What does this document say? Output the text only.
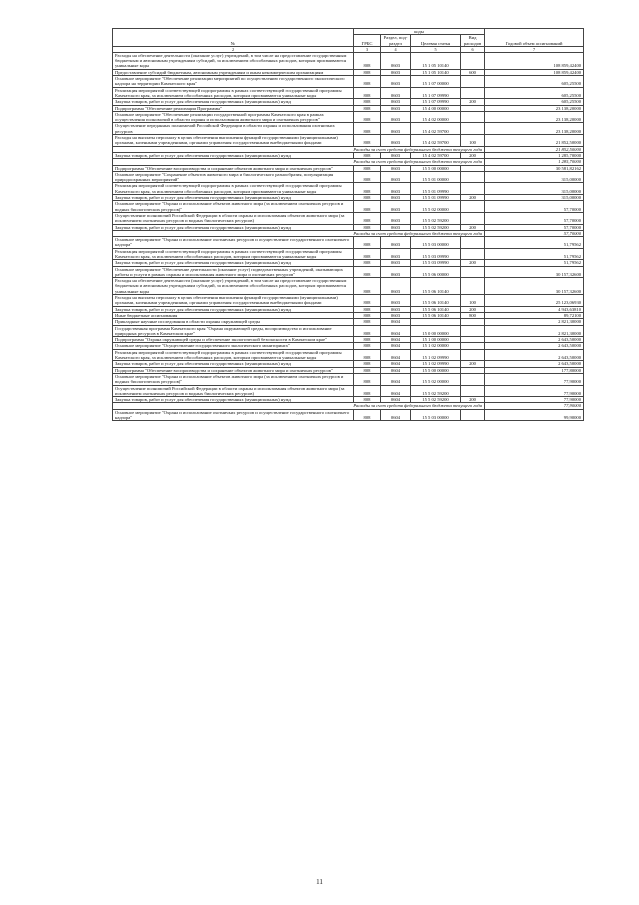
№	коды				Годовой объем ассигнований
	ГРБС	Раздел, под-раздел	Целевая статья	Вид расходов	
2	3	4	5	6	7
Расходы на обеспечение деятельности (оказание услуг) учреждений, в том числе на предоставление государственным бюджетным и автономным учреждениям субсидий, за исключением обособленных расходов, которым присваиваются уникальные коды	808	0603	15 1 05 10140		108 859,42400
Предоставление субсидий бюджетным, автономным учреждениям и иным некоммерческим организациям	808	0603	15 1 05 10140	600	108 859,42400
Основное мероприятие "Обеспечение реализации мероприятий по осуществлению государственного экологического надзора на территории Камчатского края"	808	0603	15 1 07 00000		605,25500
Реализация мероприятий соответствующей подпрограммы в рамках соответствующей государственной программы Камчатского края, за исключением обособленных расходов, которым присваиваются уникальные коды	808	0603	15 1 07 09990		605,25500
Закупка товаров, работ и услуг для обеспечения государственных (муниципальных) нужд	808	0603	15 1 07 09990	200	605,25500
Подпрограмма "Обеспечение реализации Программы"	808	0603	15 4 00 00000		23 138,20000
Основное мероприятие "Обеспечение реализации государственной программы Камчатского края в рамках осуществления полномочий в области охраны и использования животного мира и охотничьих ресурсов"	808	0603	15 4 02 00000		23 138,20000
Осуществление переданных полномочий Российской Федерации в области охраны и использования охотничьих ресурсов	808	0603	15 4 02 59700		23 138,20000
Расходы на выплаты персоналу в целях обеспечения выполнения функций государственными (муниципальными) органами, казенными учреждениями, органами управления государственными внебюджетными фондами	808	0603	15 4 02 59700	100	21 852,50000
Расходы за счет средств федерального бюджета текущего года					21 852,50000
Закупка товаров, работ и услуг для обеспечения государственных (муниципальных) нужд	808	0603	15 4 02 59700	200	1 285,70000
Расходы за счет средств федерального бюджета текущего года					1 285,70000
Подпрограмма "Обеспечение воспроизводства и сохранение объектов животного мира и охотничьих ресурсов"	808	0603	15 5 00 00000		30 581,82162
Основное мероприятие "Сохранение объектов животного мира и биологического разнообразия, популяризация природоохранных мероприятий"	808	0603	15 5 01 00000		315,00000
Реализация мероприятий соответствующей подпрограммы в рамках соответствующей государственной программы Камчатского края, за исключением обособленных расходов, которым присваиваются уникальные коды	808	0603	15 5 01 09990		315,00000
Закупка товаров, работ и услуг для обеспечения государственных (муниципальных) нужд	808	0603	15 5 01 09990	200	315,00000
Основное мероприятие "Охрана и использование объектов животного мира (за исключением охотничьих ресурсов и водных биологических ресурсов)"	808	0603	15 5 02 00000		57,70000
Осуществление полномочий Российской Федерации в области охраны и использования объектов животного мира (за исключением охотничьих ресурсов и водных биологических ресурсов)	808	0603	15 5 02 59200		57,70000
Закупка товаров, работ и услуг для обеспечения государственных (муниципальных) нужд	808	0603	15 5 02 59200	200	57,70000
Расходы за счет средств федерального бюджета текущего года					57,70000
Основное мероприятие "Охрана и использование охотничьих ресурсов и осуществление государственного охотничьего надзора"	808	0603	15 5 03 00000		51,79562
Реализация мероприятий соответствующей подпрограммы в рамках соответствующей государственной программы Камчатского края, за исключением обособленных расходов, которым присваиваются уникальные коды	808	0603	15 5 03 09990		51,79562
Закупка товаров, работ и услуг для обеспечения государственных (муниципальных) нужд	808	0603	15 5 03 09990	200	51,79562
Основное мероприятие "Обеспечение деятельности (оказание услуг) подведомственных учреждений, оказывающих работы и услуги в рамках охраны и использования животного мира и охотничьих ресурсов"	808	0603	15 5 06 00000		30 157,32600
Расходы на обеспечение деятельности (оказание услуг) учреждений, в том числе на предоставление государственным бюджетным и автономным учреждениям субсидий, за исключением обособленных расходов, которым присваиваются уникальные коды	808	0603	15 5 06 10140		30 157,32600
Расходы на выплаты персоналу в целях обеспечения выполнения функций государственными (муниципальными) органами, казенными учреждениями, органами управления государственными внебюджетными фондами	808	0603	15 5 06 10140	100	25 123,06930
Закупка товаров, работ и услуг для обеспечения государственных (муниципальных) нужд	808	0603	15 5 06 10140	200	4 943,63810
Иные бюджетные ассигнования	808	0603	15 5 06 10140	800	89,72100
Прикладные научные исследования в области охраны окружающей среды	808	0604			2 821,30000
Государственная программа Камчатского края "Охрана окружающей среды, воспроизводство и использование природных ресурсов в Камчатском крае"	808	0604	15 0 00 00000		2 821,30000
Подпрограмма "Охрана окружающей среды и обеспечение экологической безопасности в Камчатском крае"	808	0604	15 1 00 00000		2 643,50000
Основное мероприятие "Осуществление государственного экологического мониторинга"	808	0604	15 1 02 00000		2 643,50000
Реализация мероприятий соответствующей подпрограммы в рамках соответствующей государственной программы Камчатского края, за исключением обособленных расходов, которым присваиваются уникальные коды	808	0604	15 1 02 09990		2 643,50000
Закупка товаров, работ и услуг для обеспечения государственных (муниципальных) нужд	808	0604	15 1 02 09990	200	2 643,50000
Подпрограмма "Обеспечение воспроизводства и сохранение объектов животного мира и охотничьих ресурсов"	808	0604	15 5 00 00000		177,80000
Основное мероприятие "Охрана и использование объектов животного мира (за исключением охотничьих ресурсов и водных биологических ресурсов)"	808	0604	15 5 02 00000		77,90000
Осуществление полномочий Российской Федерации в области охраны и использования объектов животного мира (за исключением охотничьих ресурсов и водных биологических ресурсов)	808	0604	15 5 02 59200		77,90000
Закупка товаров, работ и услуг для обеспечения государственных (муниципальных) нужд	808	0604	15 5 02 59200	200	77,90000
Расходы за счет средств федерального бюджета текущего года					77,90000
Основное мероприятие "Охрана и использование охотничьих ресурсов и осуществление государственного охотничьего надзора"	808	0604	15 5 03 00000		99,90000
11
